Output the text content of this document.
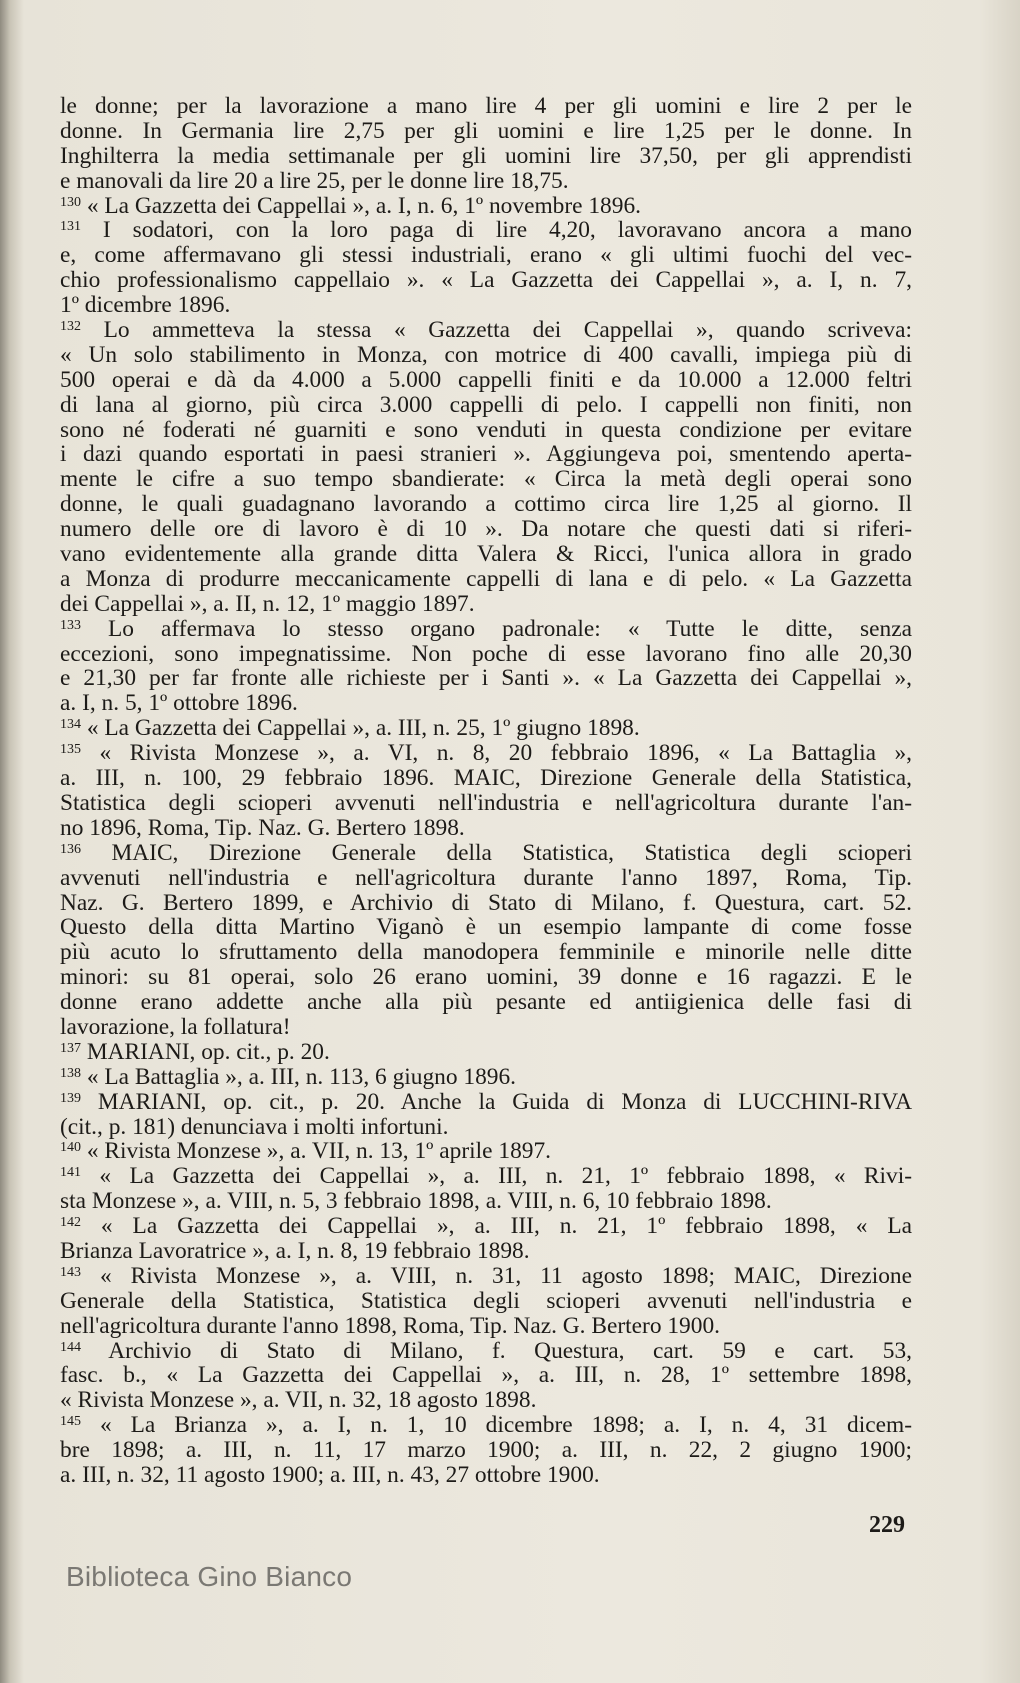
le donne; per la lavorazione a mano lire 4 per gli uomini e lire 2 per le
donne. In Germania lire 2,75 per gli uomini e lire 1,25 per le donne. In
Inghilterra la media settimanale per gli uomini lire 37,50, per gli apprendisti
e manovali da lire 20 a lire 25, per le donne lire 18,75.
$^{130}$ « La Gazzetta dei Cappellai », a. I, n. 6, 1º novembre 1896.
$^{131}$ I sodatori, con la loro paga di lire 4,20, lavoravano ancora a mano
e, come affermavano gli stessi industriali, erano « gli ultimi fuochi del vec-
chio professionalismo cappellaio ». « La Gazzetta dei Cappellai », a. I, n. 7,
1º dicembre 1896.
$^{132}$ Lo ammetteva la stessa « Gazzetta dei Cappellai », quando scriveva:
« Un solo stabilimento in Monza, con motrice di 400 cavalli, impiega più di
500 operai e dà da 4.000 a 5.000 cappelli finiti e da 10.000 a 12.000 feltri
di lana al giorno, più circa 3.000 cappelli di pelo. I cappelli non finiti, non
sono né foderati né guarniti e sono venduti in questa condizione per evitare
i dazi quando esportati in paesi stranieri ». Aggiungeva poi, smentendo aperta-
mente le cifre a suo tempo sbandierate: « Circa la metà degli operai sono
donne, le quali guadagnano lavorando a cottimo circa lire 1,25 al giorno. Il
numero delle ore di lavoro è di 10 ». Da notare che questi dati si riferi-
vano evidentemente alla grande ditta Valera & Ricci, l'unica allora in grado
a Monza di produrre meccanicamente cappelli di lana e di pelo. « La Gazzetta
dei Cappellai », a. II, n. 12, 1º maggio 1897.
$^{133}$ Lo affermava lo stesso organo padronale: « Tutte le ditte, senza
eccezioni, sono impegnatissime. Non poche di esse lavorano fino alle 20,30
e 21,30 per far fronte alle richieste per i Santi ». « La Gazzetta dei Cappellai »,
a. I, n. 5, 1º ottobre 1896.
$^{134}$ « La Gazzetta dei Cappellai », a. III, n. 25, 1º giugno 1898.
$^{135}$ « Rivista Monzese », a. VI, n. 8, 20 febbraio 1896, « La Battaglia »,
a. III, n. 100, 29 febbraio 1896. MAIC, Direzione Generale della Statistica,
Statistica degli scioperi avvenuti nell'industria e nell'agricoltura durante l'an-
no 1896, Roma, Tip. Naz. G. Bertero 1898.
$^{136}$ MAIC, Direzione Generale della Statistica, Statistica degli scioperi
avvenuti nell'industria e nell'agricoltura durante l'anno 1897, Roma, Tip.
Naz. G. Bertero 1899, e Archivio di Stato di Milano, f. Questura, cart. 52.
Questo della ditta Martino Viganò è un esempio lampante di come fosse
più acuto lo sfruttamento della manodopera femminile e minorile nelle ditte
minori: su 81 operai, solo 26 erano uomini, 39 donne e 16 ragazzi. E le
donne erano addette anche alla più pesante ed antiigienica delle fasi di
lavorazione, la follatura!
$^{137}$ MARIANI, op. cit., p. 20.
$^{138}$ « La Battaglia », a. III, n. 113, 6 giugno 1896.
$^{139}$ MARIANI, op. cit., p. 20. Anche la Guida di Monza di LUCCHINI-RIVA
(cit., p. 181) denunciava i molti infortuni.
$^{140}$ « Rivista Monzese », a. VII, n. 13, 1º aprile 1897.
$^{141}$ « La Gazzetta dei Cappellai », a. III, n. 21, 1º febbraio 1898, « Rivi-
sta Monzese », a. VIII, n. 5, 3 febbraio 1898, a. VIII, n. 6, 10 febbraio 1898.
$^{142}$ « La Gazzetta dei Cappellai », a. III, n. 21, 1º febbraio 1898, « La
Brianza Lavoratrice », a. I, n. 8, 19 febbraio 1898.
$^{143}$ « Rivista Monzese », a. VIII, n. 31, 11 agosto 1898; MAIC, Direzione
Generale della Statistica, Statistica degli scioperi avvenuti nell'industria e
nell'agricoltura durante l'anno 1898, Roma, Tip. Naz. G. Bertero 1900.
$^{144}$ Archivio di Stato di Milano, f. Questura, cart. 59 e cart. 53,
fasc. b., « La Gazzetta dei Cappellai », a. III, n. 28, 1º settembre 1898,
« Rivista Monzese », a. VII, n. 32, 18 agosto 1898.
$^{145}$ « La Brianza », a. I, n. 1, 10 dicembre 1898; a. I, n. 4, 31 dicem-
bre 1898; a. III, n. 11, 17 marzo 1900; a. III, n. 22, 2 giugno 1900;
a. III, n. 32, 11 agosto 1900; a. III, n. 43, 27 ottobre 1900.
229
Biblioteca Gino Bianco
